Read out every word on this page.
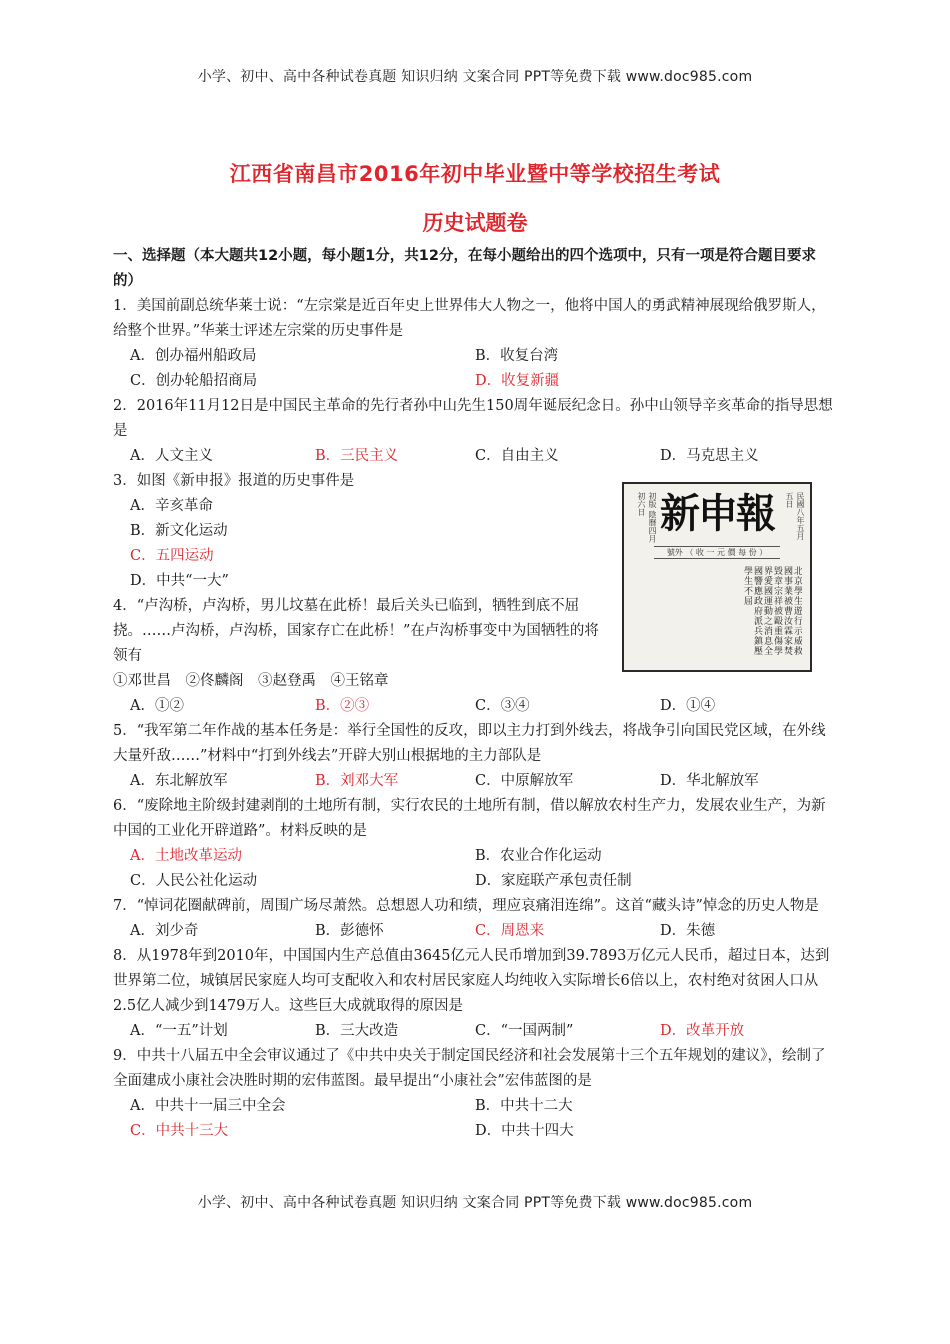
小学、初中、高中各种试卷真题 知识归纳 文案合同 PPT等免费下载 www.doc985.com
江西省南昌市2016年初中毕业暨中等学校招生考试
历史试题卷
一、选择题（本大题共12小题，每小题1分，共12分，在每小题给出的四个选项中，只有一项是符合题目要求的）

1．美国前副总统华莱士说：“左宗棠是近百年史上世界伟大人物之一，他将中国人的勇武精神展现给俄罗斯人，给整个世界。”华莱士评述左宗棠的历史事件是

A．创办福州船政局	B．收复台湾
C．创办轮船招商局	D．收复新疆

2．2016年11月12日是中国民主革命的先行者孙中山先生150周年诞辰纪念日。孙中山领导辛亥革命的指导思想是

A．人文主义	B．三民主义	C．自由主义	D．马克思主义

3．如图《新申报》报道的历史事件是

A．辛亥革命
B．新文化运动
C．五四运动
D．中共“一大”

4．“卢沟桥，卢沟桥，男儿坟墓在此桥！最后关头已临到，牺牲到底不屈挠。……卢沟桥，卢沟桥，国家存亡在此桥！”在卢沟桥事变中为国牺牲的将领有

①邓世昌　②佟麟阁　③赵登禹　④王铭章

A．①②	B．②③	C．③④	D．①④

5．“我军第二年作战的基本任务是：举行全国性的反攻，即以主力打到外线去，将战争引向国民党区域，在外线大量歼敌……”材料中“打到外线去”开辟大别山根据地的主力部队是

A．东北解放军	B．刘邓大军	C．中原解放军	D．华北解放军

6．“废除地主阶级封建剥削的土地所有制，实行农民的土地所有制，借以解放农村生产力，发展农业生产，为新中国的工业化开辟道路”。材料反映的是

A．土地改革运动	B．农业合作化运动
C．人民公社化运动	D．家庭联产承包责任制

7．“悼词花圈献碑前，周围广场尽萧然。总想恩人功和绩，理应哀痛泪连绵”。这首“藏头诗”悼念的历史人物是

A．刘少奇	B．彭德怀	C．周恩来	D．朱德

8．从1978年到2010年，中国国内生产总值由3645亿元人民币增加到39.7893万亿元人民币，超过日本，达到世界第二位，城镇居民家庭人均可支配收入和农村居民家庭人均纯收入实际增长6倍以上，农村绝对贫困人口从2.5亿人减少到1479万人。这些巨大成就取得的原因是

A．“一五”计划	B．三大改造	C．“一国两制”	D．改革开放

9．中共十八届五中全会审议通过了《中共中央关于制定国民经济和社会发展第十三个五年规划的建议》，绘制了全面建成小康社会决胜时期的宏伟蓝图。最早提出“小康社会”宏伟蓝图的是

A．中共十一届三中全会	B．中共十二大
C．中共十三大	D．中共十四大
初版 陰曆四月初六日 新申報	民國八年五月五日
號外 （ 收 一 元 價 每 份 ）
北京學生遊行示威救國事業被曹汝霖家焚毀章宗祥被毆重傷學界愛國運動之消息全國響應政府派兵鎮壓學生不屈
小学、初中、高中各种试卷真题 知识归纳 文案合同 PPT等免费下载 www.doc985.com
